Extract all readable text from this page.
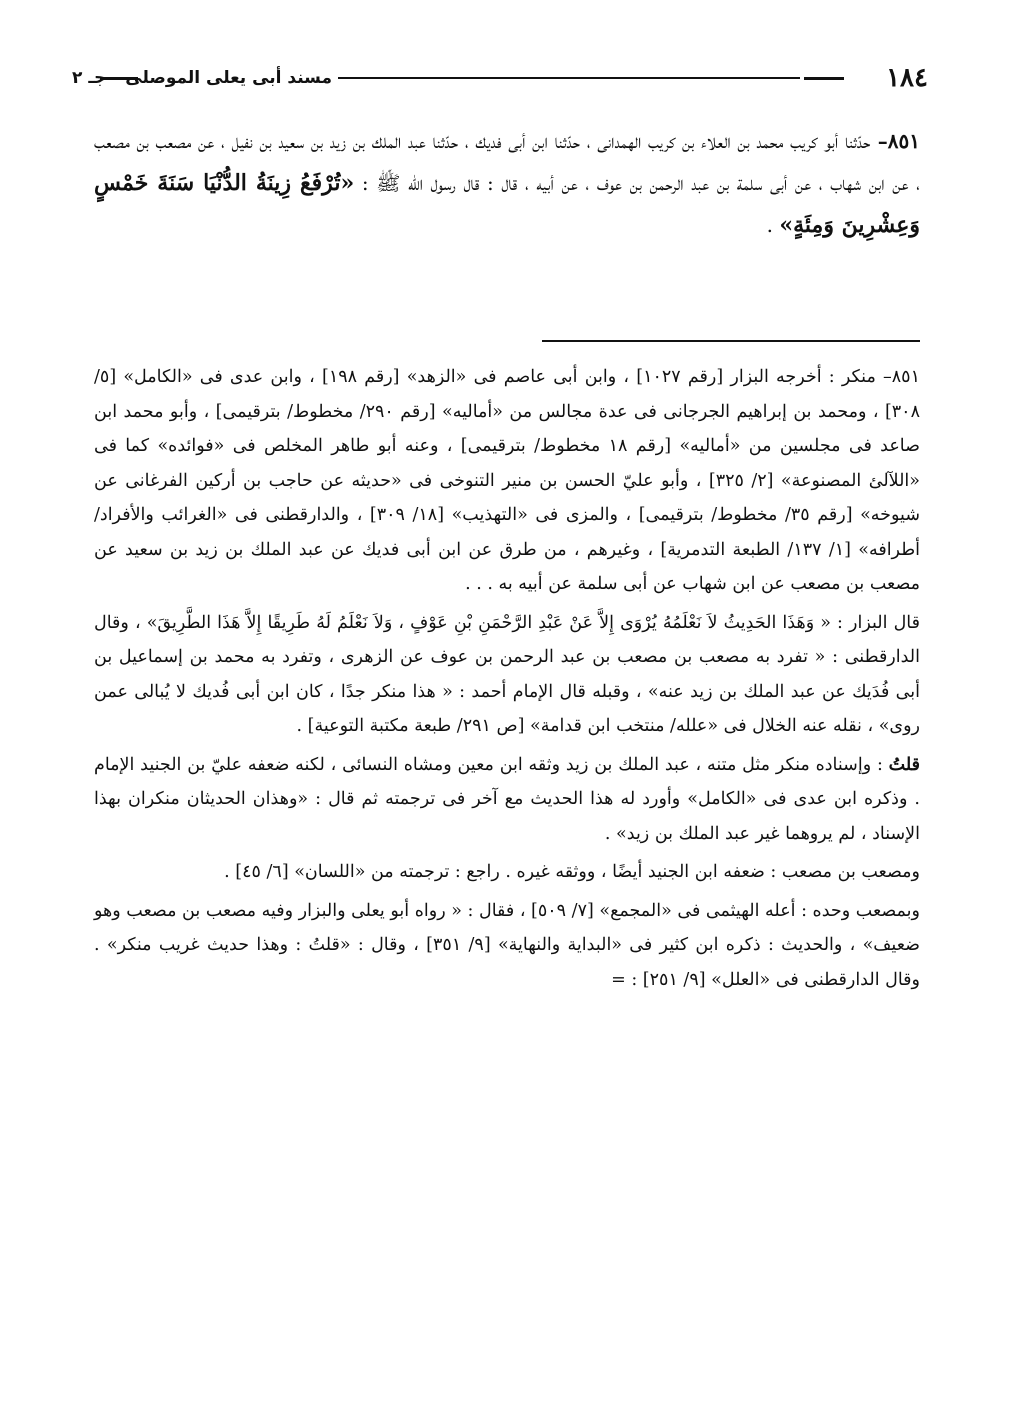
١٨٤
مسند أبى يعلى الموصلى - جـ ٢
٨٥١– حدّثنا أبو كريب محمد بن العلاء بن كريب الهمدانى ، حدّثنا ابن أبى فديك ، حدّثنا عبد الملك بن زيد بن سعيد بن نفيل ، عن مصعب بن مصعب ، عن ابن شهاب ، عن أبى سلمة بن عبد الرحمن بن عوف ، عن أبيه ، قال : قال رسول اللّه ﷺ : «تُرْفَعُ زِينَةُ الدُّنْيَا سَنَةَ خَمْسٍ وَعِشْرِينَ وَمِئَةٍ» .

٨٥١– منكر : أخرجه البزار [رقم ١٠٢٧] ، وابن أبى عاصم فى «الزهد» [رقم ١٩٨] ، وابن عدى فى «الكامل» [٥/ ٣٠٨] ، ومحمد بن إبراهيم الجرجانى فى عدة مجالس من «أماليه» [رقم ٢٩٠/ مخطوط/ بترقيمى] ، وأبو محمد ابن صاعد فى مجلسين من «أماليه» [رقم ١٨ مخطوط/ بترقيمى] ، وعنه أبو طاهر المخلص فى «فوائده» كما فى «اللآلئ المصنوعة» [٢/ ٣٢٥] ، وأبو عليّ الحسن بن منير التنوخى فى «حديثه عن حاجب بن أركين الفرغانى عن شيوخه» [رقم ٣٥/ مخطوط/ بترقيمى] ، والمزى فى «التهذيب» [١٨/ ٣٠٩] ، والدارقطنى فى «الغرائب والأفراد/ أطرافه» [١/ ١٣٧/ الطبعة التدمرية] ، وغيرهم ، من طرق عن ابن أبى فديك عن عبد الملك بن زيد بن سعيد عن مصعب بن مصعب عن ابن شهاب عن أبى سلمة عن أبيه به . . .

قال البزار : « وَهَذَا الحَدِيثُ لاَ نَعْلَمُهُ يُرْوَى إِلاَّ عَنْ عَبْدِ الرَّحْمَنِ بْنِ عَوْفٍ ، وَلاَ نَعْلَمُ لَهُ طَرِيقًا إِلاَّ هَذَا الطَّرِيقَ» ، وقال الدارقطنى : « تفرد به مصعب بن مصعب بن عبد الرحمن بن عوف عن الزهرى ، وتفرد به محمد بن إسماعيل بن أبى فُدَيك عن عبد الملك بن زيد عنه» ، وقبله قال الإمام أحمد : « هذا منكر جدًا ، كان ابن أبى فُديك لا يُبالى عمن روى» ، نقله عنه الخلال فى «علله/ منتخب ابن قدامة» [ص ٢٩١/ طبعة مكتبة التوعية] .

قلتُ : وإسناده منكر مثل متنه ، عبد الملك بن زيد وثقه ابن معين ومشاه النسائى ، لكنه ضعفه عليّ بن الجنيد الإمام . وذكره ابن عدى فى «الكامل» وأورد له هذا الحديث مع آخر فى ترجمته ثم قال : «وهذان الحديثان منكران بهذا الإسناد ، لم يروهما غير عبد الملك بن زيد» .

ومصعب بن مصعب : ضعفه ابن الجنيد أيضًا ، ووثقه غيره . راجع : ترجمته من «اللسان» [٦/ ٤٥] .

وبمصعب وحده : أعله الهيثمى فى «المجمع» [٧/ ٥٠٩] ، فقال : « رواه أبو يعلى والبزار وفيه مصعب بن مصعب وهو ضعيف» ، والحديث : ذكره ابن كثير فى «البداية والنهاية» [٩/ ٣٥١] ، وقال : «قلتُ : وهذا حديث غريب منكر» . وقال الدارقطنى فى «العلل» [٩/ ٢٥١] : =
